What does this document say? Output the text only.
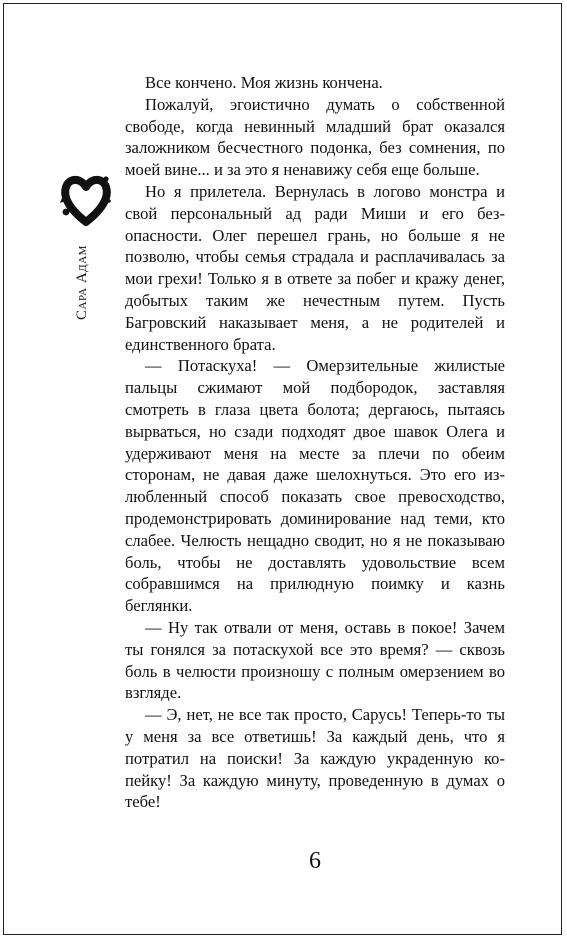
Сара Адам

Все кончено. Моя жизнь кончена.

Пожалуй, эгоистично думать о собственной свободе, когда невинный младший брат оказался заложником бесчестного подонка, без сомнения, по моей вине... и за это я ненавижу себя еще больше.

Но я прилетела. Вернулась в логово монстра и свой персональный ад ради Миши и его безопасности. Олег перешел грань, но больше я не позволю, чтобы семья страдала и расплачивалась за мои грехи! Только я в ответе за побег и кражу денег, добытых таким же нечестным путем. Пусть Багровский наказывает меня, а не родителей и единственного брата.

— Потаскуха! — Омерзительные жилистые пальцы сжимают мой подбородок, заставляя смотреть в глаза цвета болота; дергаюсь, пытаясь вырваться, но сзади подходят двое шавок Олега и удерживают меня на месте за плечи по обеим сторонам, не давая даже шелохнуться. Это его излюбленный способ показать свое превосходство, продемонстрировать доминирование над теми, кто слабее. Челюсть нещадно сводит, но я не показываю боль, чтобы не доставлять удовольствие всем собравшимся на прилюдную поимку и казнь беглянки.

— Ну так отвали от меня, оставь в покое! Зачем ты гонялся за потаскухой все это время? — сквозь боль в челюсти произношу с полным омерзением во взгляде.

— Э, нет, не все так просто, Сарусь! Теперь-то ты у меня за все ответишь! За каждый день, что я потратил на поиски! За каждую украденную копейку! За каждую минуту, проведенную в думах о тебе!

6
